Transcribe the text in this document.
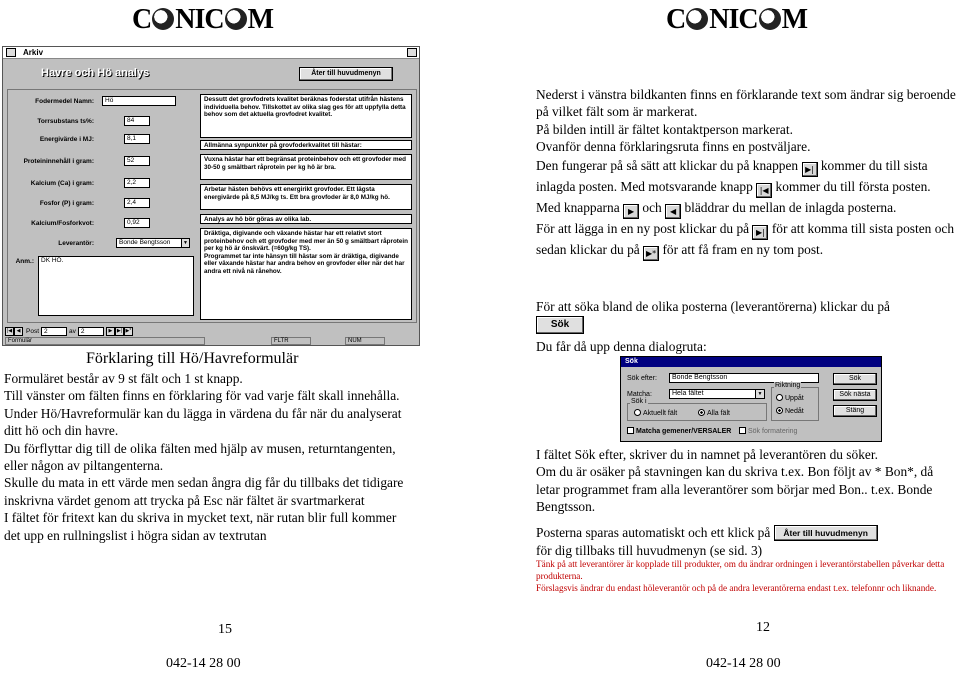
C NIC M
Arkiv
Havre och Hö analys	Åter till huvudmenyn
Fodermedel Namn:	Hö
Torrsubstans ts%:	84
Energivärde i MJ:	8,1
Proteininnehåll i gram:	52
Kalcium (Ca) i gram:	2,2
Fosfor (P) i gram:	2,4
Kalcium/Fosforkvot:	0,92
Leverantör:	Bonde Bengtsson	▼
Anm.:	DK HÖ.
Dessutt det grovfodrets kvalitet beräknas foderstat utifrån hästens individuella behov. Tillskottet av olika slag ges för att uppfylla detta behov som det aktuella grovfodret kvalitet.
Allmänna synpunkter på grovfoderkvalitet till hästar:
Vuxna hästar har ett begränsat proteinbehov och ett grovfoder med 30-50 g smältbart råprotein per kg hö är bra.
Arbetar hästen behövs ett energirikt grovfoder. Ett lägsta energivärde på 8,5 MJ/kg ts. Ett bra grovfoder är 8,0 MJ/kg hö.
Analys av hö bör göras av olika lab.
Dräktiga, digivande och växande hästar har ett relativt stort proteinbehov och ett grovfoder med mer än 50 g smältbart råprotein per kg hö är önskvärt. (=60g/kg TS).
Programmet tar inte hänsyn till hästar som är dräktiga, digivande eller växande hästar har andra behov en grovfoder eller när det har andra ett nivå nä rånehov.
|◀ ◀ Post 2	av 2	▶ ▶| ▶*
Formulär	FLTR	NUM
Förklaring till Hö/Havreformulär
Formuläret består av 9 st fält och 1 st knapp.
Till vänster om fälten finns en förklaring för vad varje fält skall innehålla.
Under Hö/Havreformulär kan du lägga in värdena du får när du analyserat ditt hö och din havre.
Du förflyttar dig till de olika fälten med hjälp av musen, returntangenten, eller någon av piltangenterna.
Skulle du mata in ett värde men sedan ångra dig får du tillbaks det tidigare inskrivna värdet genom att trycka på Esc när fältet är svartmarkerat
I fältet för fritext kan du skriva in mycket text, när rutan blir full kommer det upp en rullningslist i högra sidan av textrutan
15
042-14 28 00
C NIC M
Nederst i vänstra bildkanten finns en förklarande text som ändrar sig beroende på vilket fält som är markerat.
På bilden intill är fältet kontaktperson markerat.
Ovanför denna förklaringsruta finns en postväljare.
Den fungerar på så sätt att klickar du på knappen ▶| kommer du till sista inlagda posten. Med motsvarande knapp |◀ kommer du till första posten.
Med knapparna ▶ och ◀ bläddrar du mellan de inlagda posterna.
För att lägga in en ny post klickar du på ▶| för att komma till sista posten och sedan klickar du på ▶* för att få fram en ny tom post.
För att söka bland de olika posterna (leverantörerna) klickar du på
Sök
Du får då upp denna dialogruta:
I fältet Sök efter, skriver du in namnet på leverantören du söker.
Om du är osäker på stavningen kan du skriva t.ex. Bon följt av * Bon*, då letar programmet fram alla leverantörer som börjar med Bon.. t.ex. Bonde Bengtsson.
Posterna sparas automatiskt och ett klick på Åter till huvudmenyn
för dig tillbaks till huvudmenyn (se sid. 3)
Tänk på att leverantörer är kopplade till produkter, om du ändrar ordningen i leverantörstabellen påverkar detta produkterna.
Förslagsvis ändrar du endast höleverantör och på de andra leverantörerna endast t.ex. telefonnr och liknande.
12
042-14 28 00
Sök
Sök efter:	Bonde Bengtsson
Matcha:	Hela fältet	▼
Sök i
Aktuellt fält	Alla fält
Riktning
Uppåt
Nedåt
Matcha gemener/VERSALER	Sök formatering
Sök
Sök nästa
Stäng
